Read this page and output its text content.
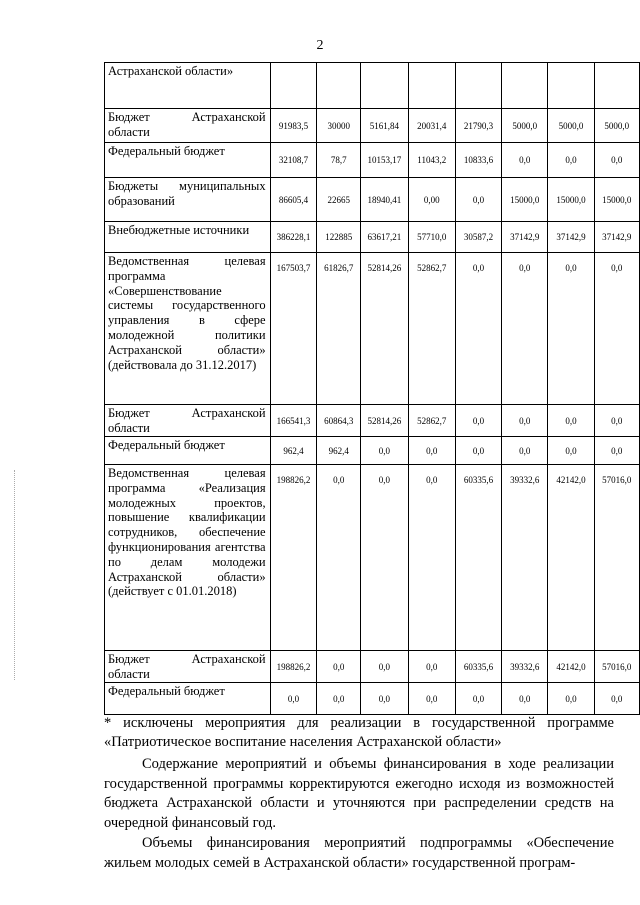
2
Астраханской области»								
Бюджет Астраханской области	91983,5	30000	5161,84	20031,4	21790,3	5000,0	5000,0	5000,0
Федеральный бюджет	32108,7	78,7	10153,17	11043,2	10833,6	0,0	0,0	0,0
Бюджеты муниципальных образований	86605,4	22665	18940,41	0,00	0,0	15000,0	15000,0	15000,0
Внебюджетные источники	386228,1	122885	63617,21	57710,0	30587,2	37142,9	37142,9	37142,9
Ведомственная целевая программа «Совершенствование системы государственного управления в сфере молодежной политики Астраханской области» (действовала до 31.12.2017)	167503,7	61826,7	52814,26	52862,7	0,0	0,0	0,0	0,0
Бюджет Астраханской области	166541,3	60864,3	52814,26	52862,7	0,0	0,0	0,0	0,0
Федеральный бюджет	962,4	962,4	0,0	0,0	0,0	0,0	0,0	0,0
Ведомственная целевая программа «Реализация молодежных проектов, повышение квалификации сотрудников, обеспечение функционирования агентства по делам молодежи Астраханской области» (действует с 01.01.2018)	198826,2	0,0	0,0	0,0	60335,6	39332,6	42142,0	57016,0
Бюджет Астраханской области	198826,2	0,0	0,0	0,0	60335,6	39332,6	42142,0	57016,0
Федеральный бюджет	0,0	0,0	0,0	0,0	0,0	0,0	0,0	0,0
* исключены мероприятия для реализации в государственной программе «Патриотическое воспитание населения Астраханской области»
Содержание мероприятий и объемы финансирования в ходе реализации государственной программы корректируются ежегодно исходя из возможностей бюджета Астраханской области и уточняются при распределении средств на очередной финансовый год.
Объемы финансирования мероприятий подпрограммы «Обеспечение жильем молодых семей в Астраханской области» государственной програм-
